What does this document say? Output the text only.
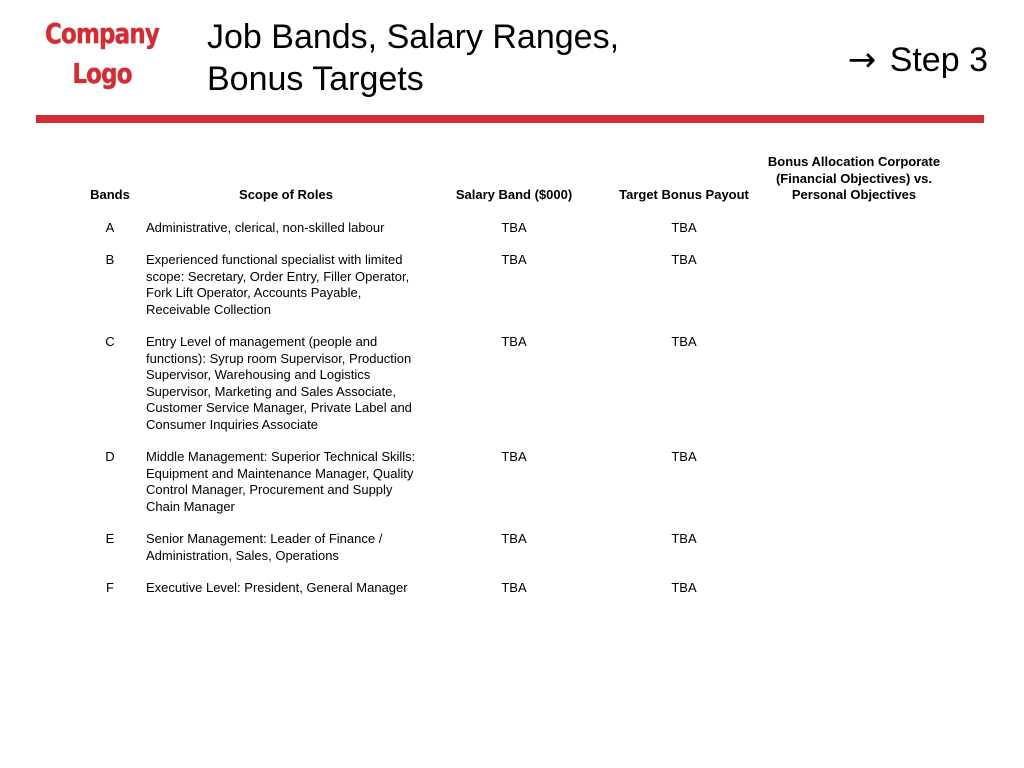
Company
Logo
Job Bands, Salary Ranges,
Bonus Targets	→ Step 3
Bands	Scope of Roles	Salary Band ($000)	Target Bonus Payout	Bonus Allocation Corporate (Financial Objectives) vs. Personal Objectives
A	Administrative, clerical, non-skilled labour	TBA	TBA	
B	Experienced functional specialist with limited scope: Secretary, Order Entry, Filler Operator, Fork Lift Operator, Accounts Payable, Receivable Collection	TBA	TBA	
C	Entry Level of management (people and functions): Syrup room Supervisor, Production Supervisor, Warehousing and Logistics Supervisor, Marketing and Sales Associate, Customer Service Manager, Private Label and Consumer Inquiries Associate	TBA	TBA	
D	Middle Management: Superior Technical Skills: Equipment and Maintenance Manager, Quality Control Manager, Procurement and Supply Chain Manager	TBA	TBA	
E	Senior Management: Leader of Finance / Administration, Sales, Operations	TBA	TBA	
F	Executive Level: President, General Manager	TBA	TBA	
